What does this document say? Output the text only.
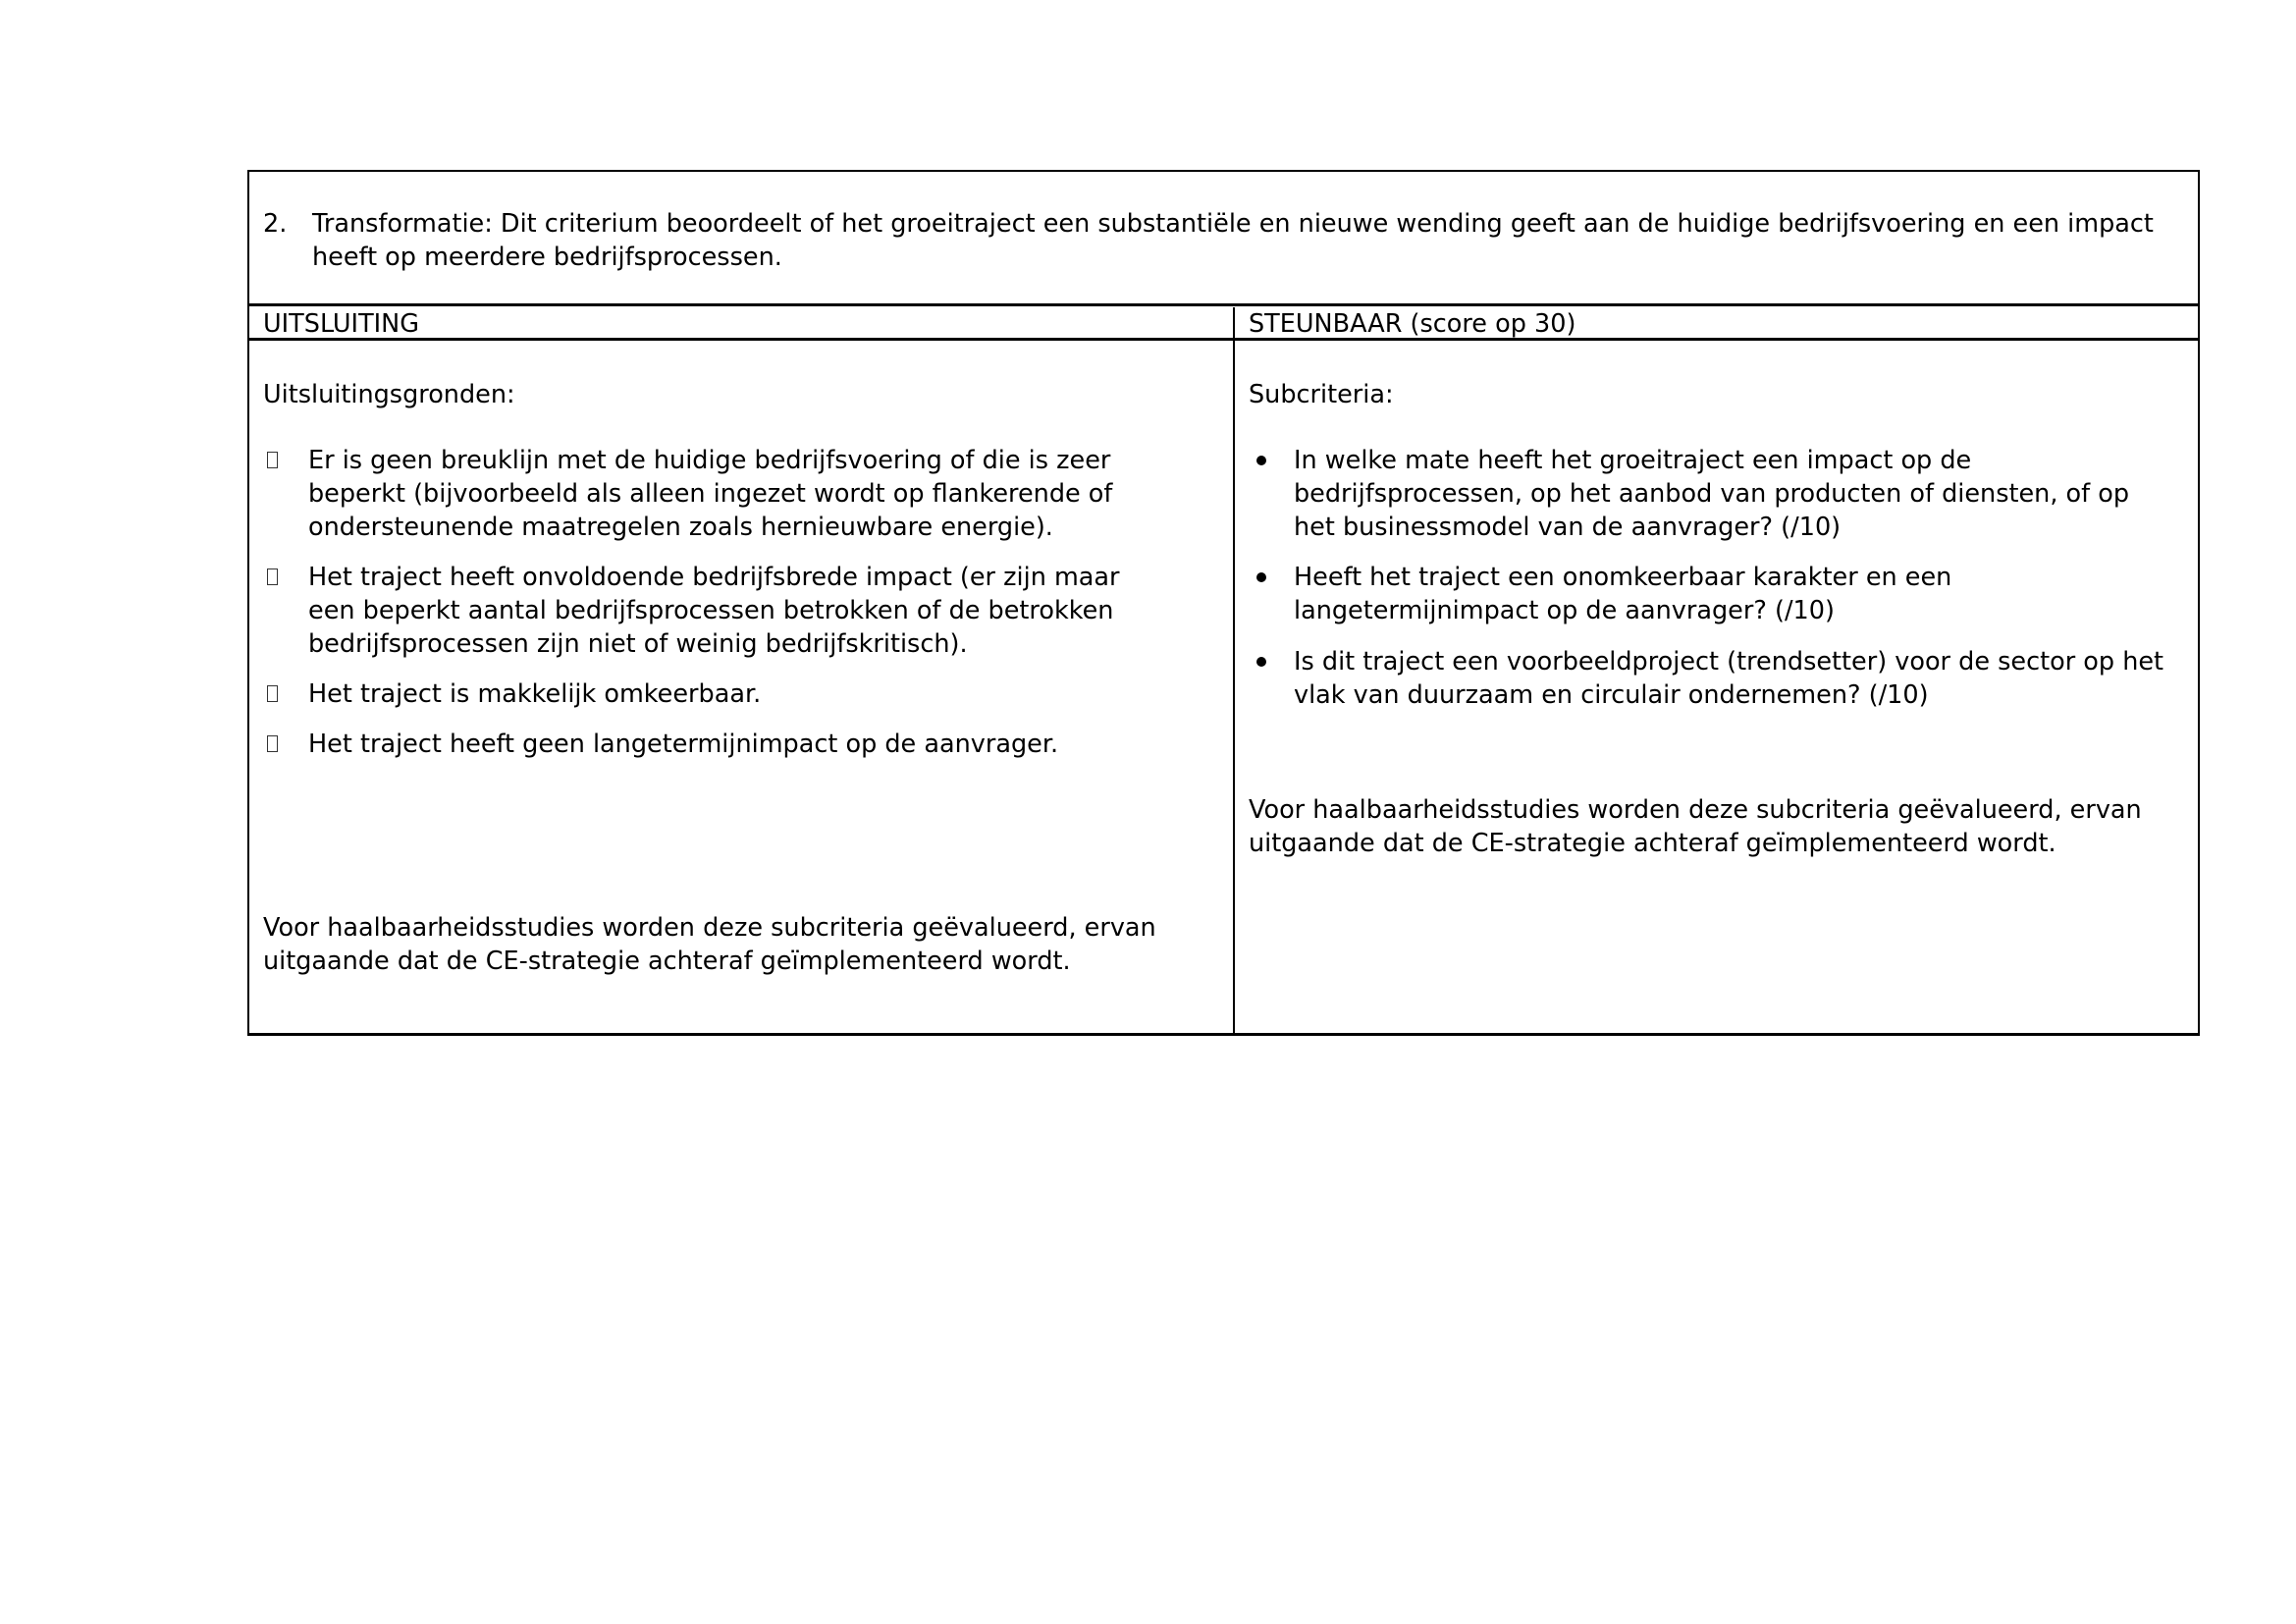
2. Transformatie: Dit criterium beoordeelt of het groeitraject een substantiële en nieuwe wending geeft aan de huidige bedrijfsvoering en een impact heeft op meerdere bedrijfsprocessen.
UITSLUITING	STEUNBAAR (score op 30)
Uitsluitingsgronden:
Er is geen breuklijn met de huidige bedrijfsvoering of die is zeer beperkt (bijvoorbeeld als alleen ingezet wordt op flankerende of ondersteunende maatregelen zoals hernieuwbare energie).
Het traject heeft onvoldoende bedrijfsbrede impact (er zijn maar een beperkt aantal bedrijfsprocessen betrokken of de betrokken bedrijfsprocessen zijn niet of weinig bedrijfskritisch).
Het traject is makkelijk omkeerbaar.
Het traject heeft geen langetermijnimpact op de aanvrager.
Voor haalbaarheidsstudies worden deze subcriteria geëvalueerd, ervan uitgaande dat de CE-strategie achteraf geïmplementeerd wordt.
Subcriteria:
In welke mate heeft het groeitraject een impact op de bedrijfsprocessen, op het aanbod van producten of diensten, of op het businessmodel van de aanvrager? (/10)
Heeft het traject een onomkeerbaar karakter en een langetermijnimpact op de aanvrager? (/10)
Is dit traject een voorbeeldproject (trendsetter) voor de sector op het vlak van duurzaam en circulair ondernemen? (/10)
Voor haalbaarheidsstudies worden deze subcriteria geëvalueerd, ervan uitgaande dat de CE-strategie achteraf geïmplementeerd wordt.
